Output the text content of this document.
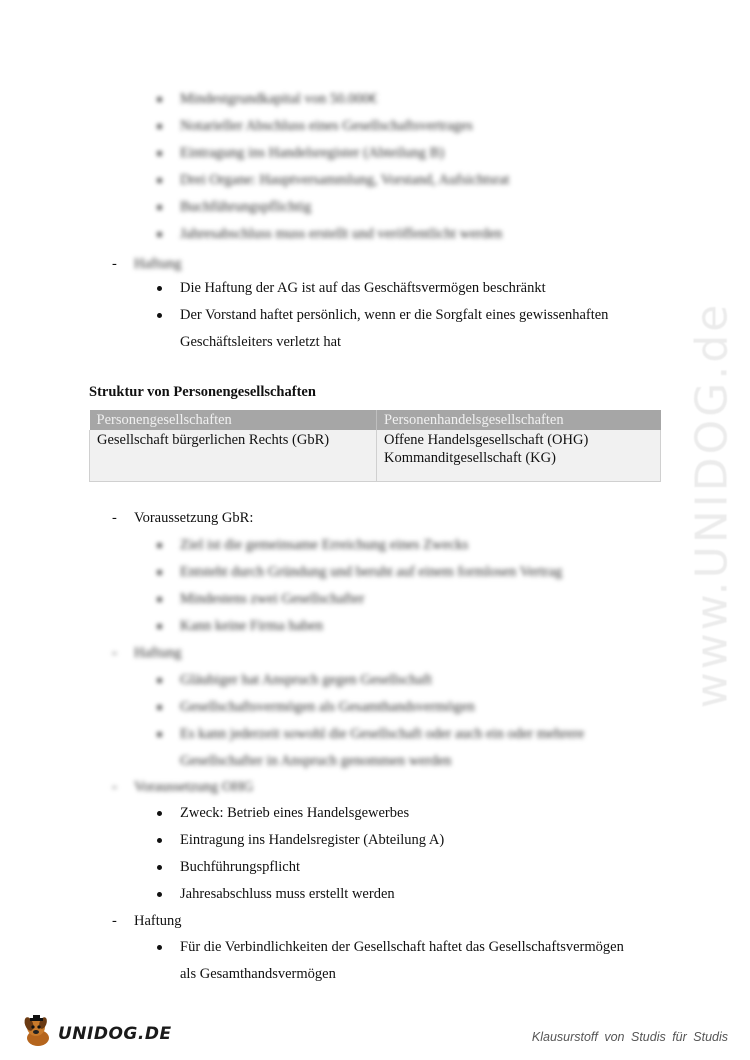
Mindestgrundkapital von 50.000€
Notarieller Abschluss eines Gesellschaftsvertrages
Eintragung ins Handelsregister (Abteilung B)
Drei Organe: Hauptversammlung, Vorstand, Aufsichtsrat
Buchführungspflichtig
Jahresabschluss muss erstellt und veröffentlicht werden
- Haftung
Die Haftung der AG ist auf das Geschäftsvermögen beschränkt
Der Vorstand haftet persönlich, wenn er die Sorgfalt eines gewissenhaften Geschäftsleiters verletzt hat
Struktur von Personengesellschaften
Personengesellschaften	Personenhandelsgesellschaften
Gesellschaft bürgerlichen Rechts (GbR)	Offene Handelsgesellschaft (OHG)
Kommanditgesellschaft (KG)
- Voraussetzung GbR:
Ziel ist die gemeinsame Erreichung eines Zwecks
Entsteht durch Gründung und beruht auf einem formlosen Vertrag
Mindestens zwei Gesellschafter
Kann keine Firma haben
- Haftung
Gläubiger hat Anspruch gegen Gesellschaft
Gesellschaftsvermögen als Gesamthandsvermögen
Es kann jederzeit sowohl die Gesellschaft oder auch ein oder mehrere Gesellschafter in Anspruch genommen werden
- Voraussetzung OHG
Zweck: Betrieb eines Handelsgewerbes
Eintragung ins Handelsregister (Abteilung A)
Buchführungspflicht
Jahresabschluss muss erstellt werden
- Haftung
Für die Verbindlichkeiten der Gesellschaft haftet das Gesellschaftsvermögen
als Gesamthandsvermögen
www.UNIDOG.de
UNIDOG.DE	Klausurstoff von Studis für Studis
